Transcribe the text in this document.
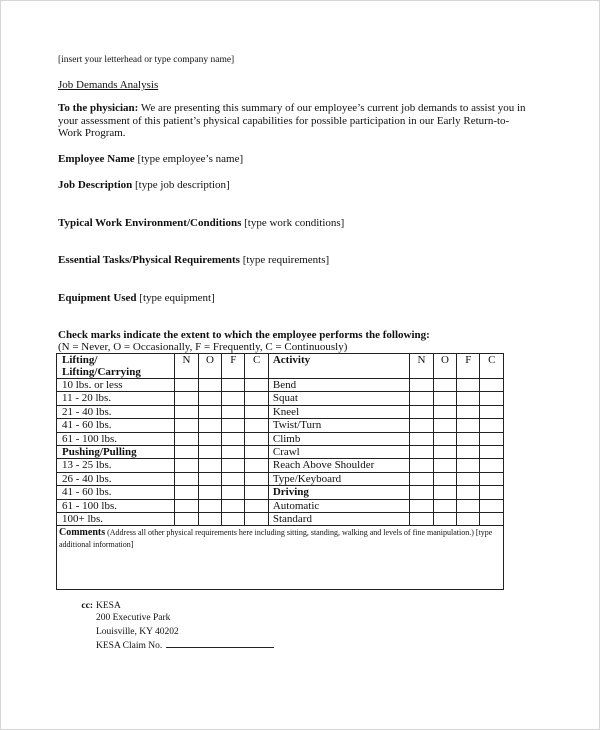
[insert your letterhead or type company name]
Job Demands Analysis
To the physician: We are presenting this summary of our employee’s current job demands to assist you in your assessment of this patient’s physical capabilities for possible participation in our Early Return-to-Work Program.
Employee Name [type employee’s name]
Job Description [type job description]
Typical Work Environment/Conditions [type work conditions]
Essential Tasks/Physical Requirements [type requirements]
Equipment Used [type equipment]
Check marks indicate the extent to which the employee performs the following:
(N = Never, O = Occasionally, F = Frequently, C = Continuously)
Lifting/
Lifting/Carrying	N	O	F	C	Activity	N	O	F	C
10 lbs. or less					Bend				
11 - 20 lbs.					Squat				
21 - 40 lbs.					Kneel				
41 - 60 lbs.					Twist/Turn				
61 - 100 lbs.					Climb				
Pushing/Pulling					Crawl				
13 - 25 lbs.					Reach Above Shoulder				
26 - 40 lbs.					Type/Keyboard				
41 - 60 lbs.					Driving				
61 - 100 lbs.					Automatic				
100+ lbs.					Standard				
Comments (Address all other physical requirements here including sitting, standing, walking and levels of fine manipulation.) [type additional information]									
cc: KESA
200 Executive Park
Louisville, KY 40202
KESA Claim No.
